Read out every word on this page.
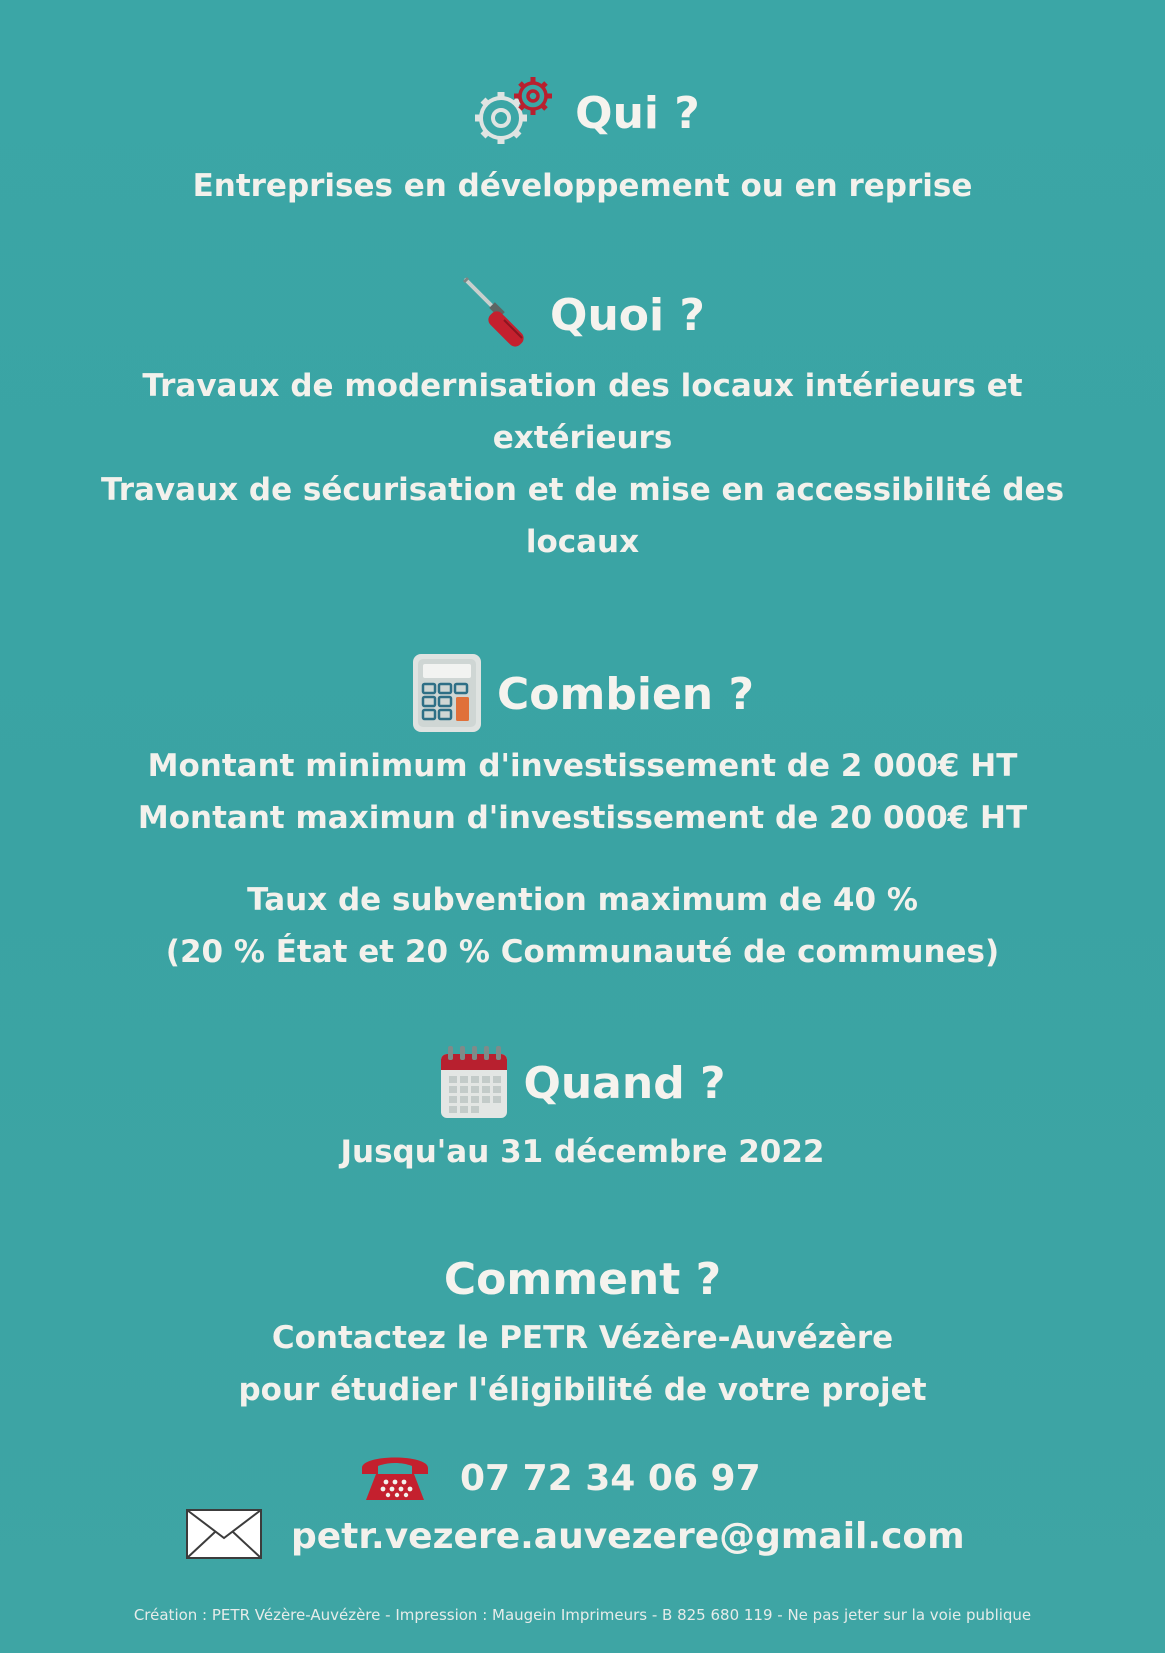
Qui ?
Entreprises en développement ou en reprise
Quoi ?
Travaux de modernisation des locaux intérieurs et
extérieurs
Travaux de sécurisation et de mise en accessibilité des
locaux
Combien ?
Montant minimum d'investissement de 2 000€ HT
Montant maximun d'investissement de 20 000€ HT
Taux de subvention maximum de 40 %
(20 % État et 20 % Communauté de communes)
Quand ?
Jusqu'au 31 décembre 2022
Comment ?
Contactez le PETR Vézère-Auvézère
pour étudier l'éligibilité de votre projet
07 72 34 06 97
petr.vezere.auvezere@gmail.com
Création : PETR Vézère-Auvézère - Impression : Maugein Imprimeurs - B 825 680 119 - Ne pas jeter sur la voie publique
